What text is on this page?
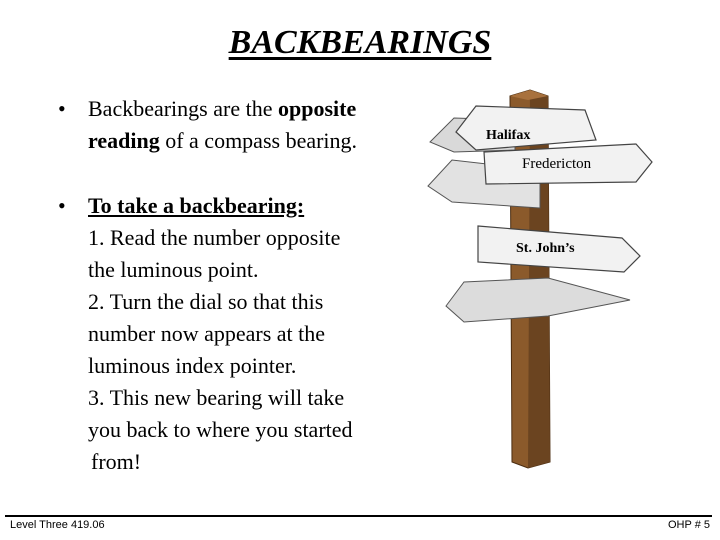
BACKBEARINGS
• Backbearings are the opposite
reading of a compass bearing.
• To take a backbearing:
1. Read the number opposite
the luminous point.
2. Turn the dial so that this
number now appears at the
luminous index pointer.
3. This new bearing will take
you back to where you started
from!
Halifax
Fredericton
St. John’s
Level Three 419.06	OHP # 5
